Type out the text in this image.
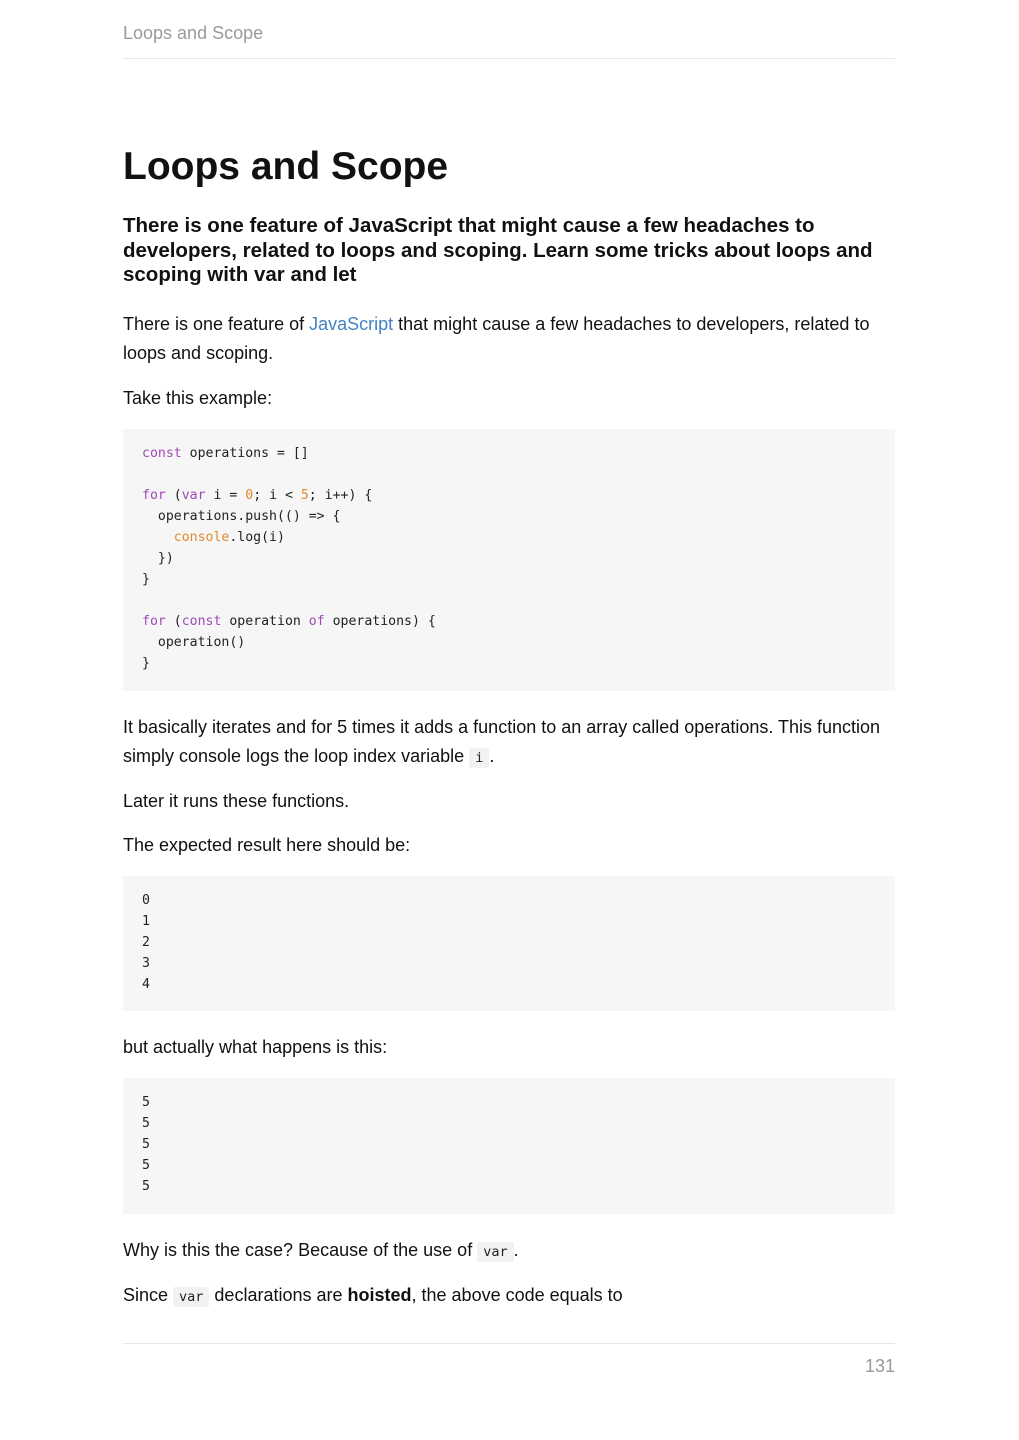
Loops and Scope
Loops and Scope
There is one feature of JavaScript that might cause a few headaches to developers, related to loops and scoping. Learn some tricks about loops and scoping with var and let

There is one feature of JavaScript that might cause a few headaches to developers, related to loops and scoping.

Take this example:

const operations = []

for (var i = 0; i < 5; i++) {
operations.push(() => {
console.log(i)
})
}

for (const operation of operations) {
operation()
}

It basically iterates and for 5 times it adds a function to an array called operations. This function simply console logs the loop index variable i .

Later it runs these functions.

The expected result here should be:

0
1
2
3
4

but actually what happens is this:

5
5
5
5
5

Why is this the case? Because of the use of var .

Since var declarations are hoisted, the above code equals to

131
